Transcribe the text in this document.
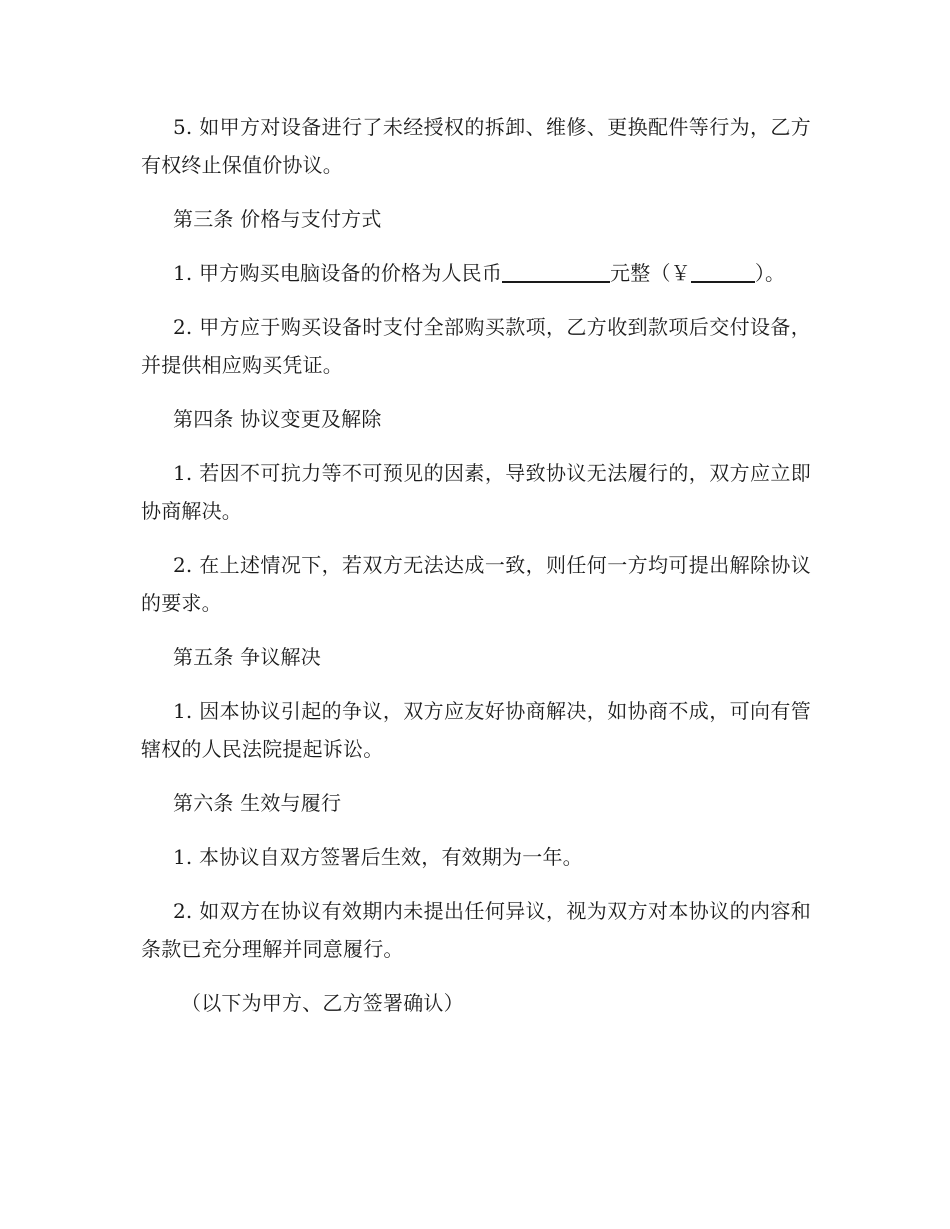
5. 如甲方对设备进行了未经授权的拆卸、维修、更换配件等行为，乙方有权终止保值价协议。

第三条 价格与支付方式

1. 甲方购买电脑设备的价格为人民币	元整（￥	）。

2. 甲方应于购买设备时支付全部购买款项，乙方收到款项后交付设备，并提供相应购买凭证。

第四条 协议变更及解除

1. 若因不可抗力等不可预见的因素，导致协议无法履行的，双方应立即协商解决。

2. 在上述情况下，若双方无法达成一致，则任何一方均可提出解除协议的要求。

第五条 争议解决

1. 因本协议引起的争议，双方应友好协商解决，如协商不成，可向有管辖权的人民法院提起诉讼。

第六条 生效与履行

1. 本协议自双方签署后生效，有效期为一年。

2. 如双方在协议有效期内未提出任何异议，视为双方对本协议的内容和条款已充分理解并同意履行。

（以下为甲方、乙方签署确认）
